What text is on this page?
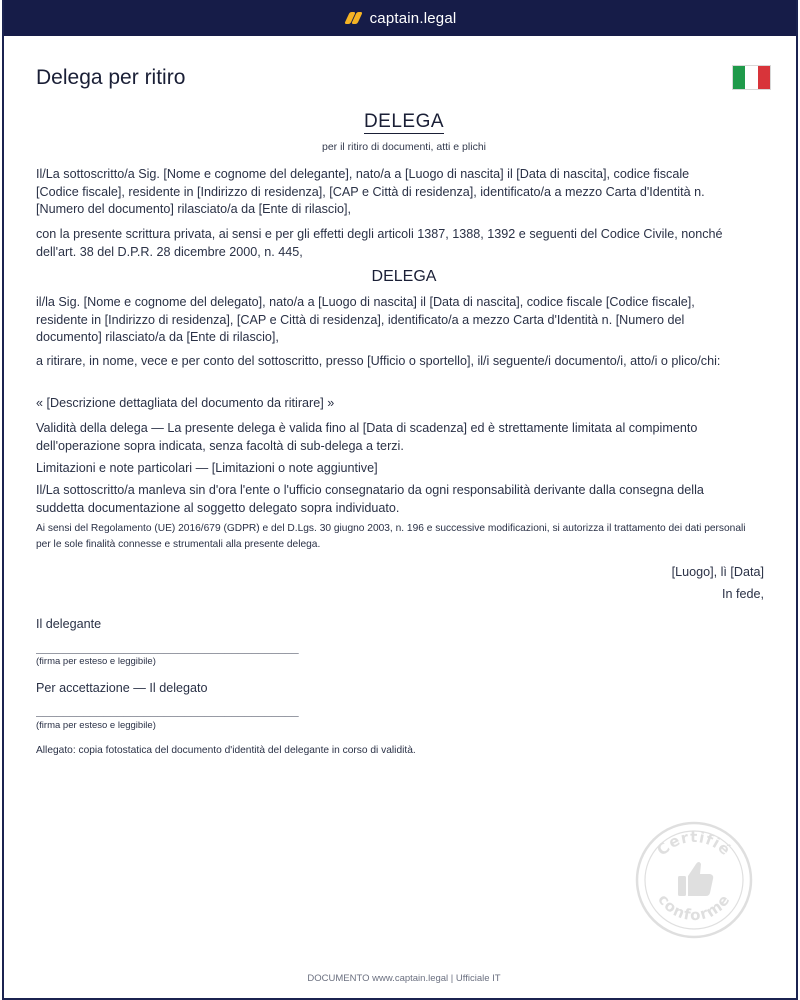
captain.legal
Delega per ritiro
DELEGA
per il ritiro di documenti, atti e plichi
Il/La sottoscritto/a Sig. [Nome e cognome del delegante], nato/a a [Luogo di nascita] il [Data di nascita], codice fiscale [Codice fiscale], residente in [Indirizzo di residenza], [CAP e Città di residenza], identificato/a a mezzo Carta d'Identità n. [Numero del documento] rilasciato/a da [Ente di rilascio],
con la presente scrittura privata, ai sensi e per gli effetti degli articoli 1387, 1388, 1392 e seguenti del Codice Civile, nonché dell'art. 38 del D.P.R. 28 dicembre 2000, n. 445,
DELEGA
il/la Sig. [Nome e cognome del delegato], nato/a a [Luogo di nascita] il [Data di nascita], codice fiscale [Codice fiscale], residente in [Indirizzo di residenza], [CAP e Città di residenza], identificato/a a mezzo Carta d'Identità n. [Numero del documento] rilasciato/a da [Ente di rilascio],
a ritirare, in nome, vece e per conto del sottoscritto, presso [Ufficio o sportello], il/i seguente/i documento/i, atto/i o plico/chi:
« [Descrizione dettagliata del documento da ritirare] »
Validità della delega — La presente delega è valida fino al [Data di scadenza] ed è strettamente limitata al compimento dell'operazione sopra indicata, senza facoltà di sub-delega a terzi.
Limitazioni e note particolari — [Limitazioni o note aggiuntive]
Il/La sottoscritto/a manleva sin d'ora l'ente o l'ufficio consegnatario da ogni responsabilità derivante dalla consegna della suddetta documentazione al soggetto delegato sopra individuato.
Ai sensi del Regolamento (UE) 2016/679 (GDPR) e del D.Lgs. 30 giugno 2003, n. 196 e successive modificazioni, si autorizza il trattamento dei dati personali per le sole finalità connesse e strumentali alla presente delega.
[Luogo], lì [Data]
In fede,
Il delegante
_______________________________________
(firma per esteso e leggibile)
Per accettazione — Il delegato
_______________________________________
(firma per esteso e leggibile)
Allegato: copia fotostatica del documento d'identità del delegante in corso di validità.
Certifié
conforme
DOCUMENTO www.captain.legal | Ufficiale IT
